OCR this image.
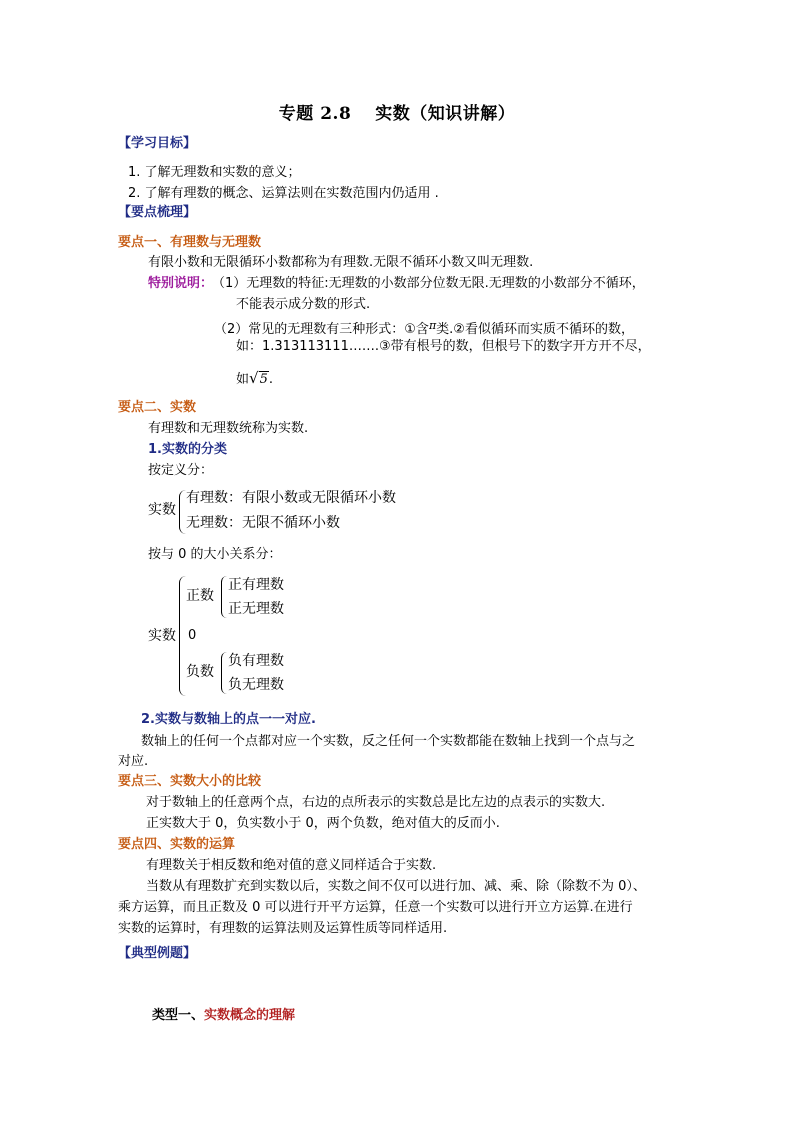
专题 2.8　 实数（知识讲解）
【学习目标】
1. 了解无理数和实数的意义；
2. 了解有理数的概念、运算法则在实数范围内仍适用 .
【要点梳理】
要点一、有理数与无理数
有限小数和无限循环小数都称为有理数.无限不循环小数又叫无理数.
特别说明：
（1）无理数的特征:无理数的小数部分位数无限.无理数的小数部分不循环，
不能表示成分数的形式.
（2）常见的无理数有三种形式：①含$^\pi$类.②看似循环而实质不循环的数，
如：1.313113111…….③带有根号的数，但根号下的数字开方开不尽，
如√5.
要点二、实数
有理数和无理数统称为实数.
1.实数的分类
按定义分：
实数
有理数：有限小数或无限循环小数
无理数：无限不循环小数
按与 0 的大小关系分：
实数
正数
正有理数
正无理数
0
负数
负有理数
负无理数
2.实数与数轴上的点一一对应.
数轴上的任何一个点都对应一个实数，反之任何一个实数都能在数轴上找到一个点与之
对应.
要点三、实数大小的比较
对于数轴上的任意两个点，右边的点所表示的实数总是比左边的点表示的实数大.
正实数大于 0，负实数小于 0，两个负数，绝对值大的反而小.
要点四、实数的运算
有理数关于相反数和绝对值的意义同样适合于实数.
当数从有理数扩充到实数以后，实数之间不仅可以进行加、减、乘、除（除数不为 0）、
乘方运算，而且正数及 0 可以进行开平方运算，任意一个实数可以进行开立方运算.在进行
实数的运算时，有理数的运算法则及运算性质等同样适用.
【典型例题】
类型一、实数概念的理解
